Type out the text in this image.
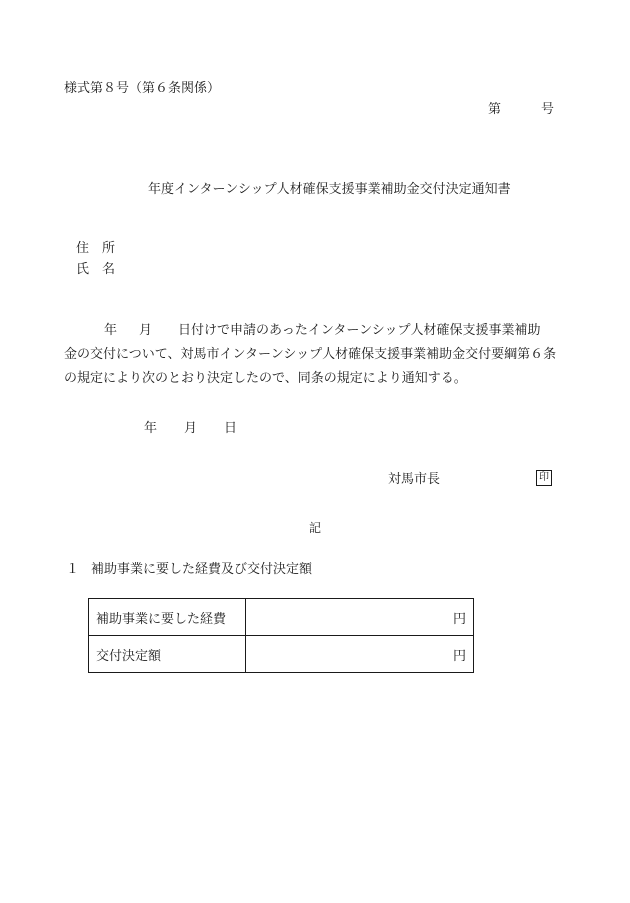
様式第８号（第６条関係）
第	号
年度インターンシップ人材確保支援事業補助金交付決定通知書
住 所
氏 名
年 月 日付けで申請のあったインターンシップ人材確保支援事業補助
金の交付について、対馬市インターンシップ人材確保支援事業補助金交付要綱第６条
の規定により次のとおり決定したので、同条の規定により通知する。
年 月 日
対馬市長	印
記
１ 補助事業に要した経費及び交付決定額
補助事業に要した経費	円
交付決定額	円
